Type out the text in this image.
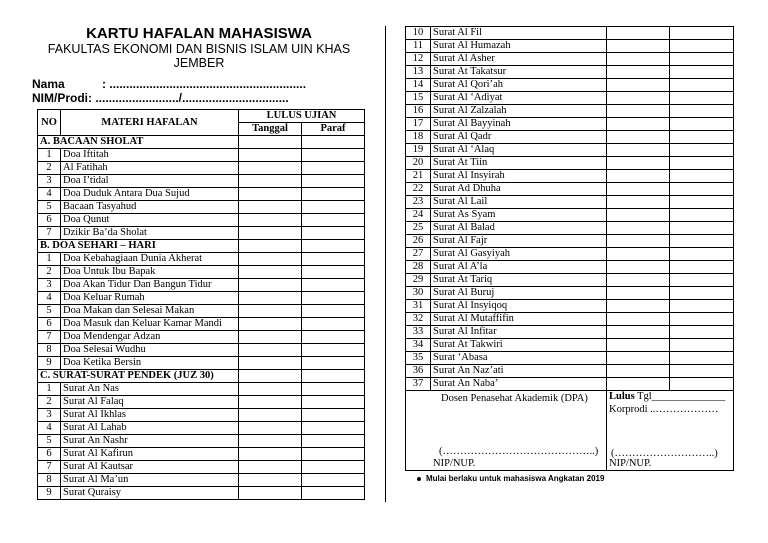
KARTU HAFALAN MAHASISWA
FAKULTAS EKONOMI DAN BISNIS ISLAM UIN KHAS
JEMBER
Nama	: ...........................................................
NIM/Prodi: ........................./................................
NO	MATERI HAFALAN	LULUS UJIAN	
		Tanggal	Paraf
A. BACAAN SHOLAT			
1	Doa Iftitah		
2	Al Fatihah		
3	Doa I’tidal		
4	Doa Duduk Antara Dua Sujud		
5	Bacaan Tasyahud		
6	Doa Qunut		
7	Dzikir Ba’da Sholat		
B. DOA SEHARI – HARI			
1	Doa Kebahagiaan Dunia Akherat		
2	Doa Untuk Ibu Bapak		
3	Doa Akan Tidur Dan Bangun Tidur		
4	Doa Keluar Rumah		
5	Doa Makan dan Selesai Makan		
6	Doa Masuk dan Keluar Kamar Mandi		
7	Doa Mendengar Adzan		
8	Doa Selesai Wudhu		
9	Doa Ketika Bersin		
C. SURAT-SURAT PENDEK (JUZ 30)			
1	Surat An Nas		
2	Surat Al Falaq		
3	Surat Al Ikhlas		
4	Surat Al Lahab		
5	Surat An Nashr		
6	Surat Al Kafirun		
7	Surat Al Kautsar		
8	Surat Al Ma’un		
9	Surat Quraisy		
10	Surat Al Fil		
11	Surat Al Humazah		
12	Surat Al Asher		
13	Surat At Takatsur		
14	Surat Al Qori’ah		
15	Surat Al ‘Adiyat		
16	Surat Al Zalzalah		
17	Surat Al Bayyinah		
18	Surat Al Qadr		
19	Surat Al ‘Alaq		
20	Surat At Tiin		
21	Surat Al Insyirah		
22	Surat Ad Dhuha		
23	Surat Al Lail		
24	Surat As Syam		
25	Surat Al Balad		
26	Surat Al Fajr		
27	Surat Al Gasyiyah		
28	Surat Al A’la		
29	Surat At Tariq		
30	Surat Al Buruj		
31	Surat Al Insyiqoq		
32	Surat Al Mutaffifin		
33	Surat Al Infitar		
34	Surat At Takwiri		
35	Surat ‘Abasa		
36	Surat An Naz’ati		
37	Surat An Naba’		

Dosen Penasehat Akademik (DPA)
(……………………………………..)
NIP/NUP.		Lulus Tgl______________
Korprodi ..………………
(………………………..)
NIP/NUP.	
Mulai berlaku untuk mahasiswa Angkatan 2019
